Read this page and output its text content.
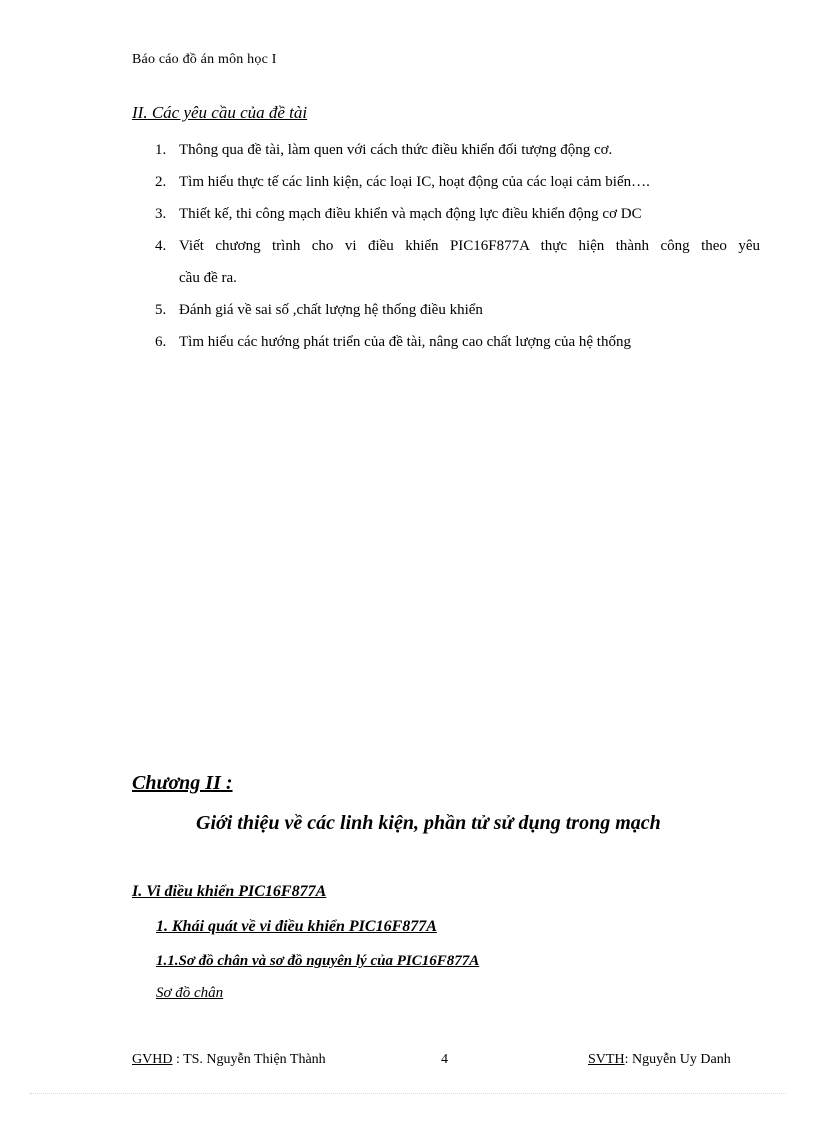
Báo cáo đồ án môn học I
II. Các yêu cầu của đề tài
1. Thông qua đề tài, làm quen với cách thức điều khiển đối tượng động cơ.
2. Tìm hiểu thực tế các linh kiện, các loại IC, hoạt động của các loại cảm biến….
3. Thiết kế, thi công mạch điều khiển và mạch động lực điều khiển động cơ DC
4. Viết chương trình cho vi điều khiển PIC16F877A thực hiện thành công theo yêu
cầu đề ra.
5. Đánh giá về sai số ,chất lượng hệ thống điều khiển
6. Tìm hiểu các hướng phát triển của đề tài, nâng cao chất lượng của hệ thống
Chương II :
Giới thiệu về các linh kiện, phần tử sử dụng trong mạch
I. Vi điều khiển PIC16F877A
1. Khái quát về vi điều khiển PIC16F877A
1.1.Sơ đồ chân và sơ đồ nguyên lý của PIC16F877A
Sơ đồ chân
GVHD : TS. Nguyễn Thiện Thành	4	SVTH: Nguyễn Uy Danh
